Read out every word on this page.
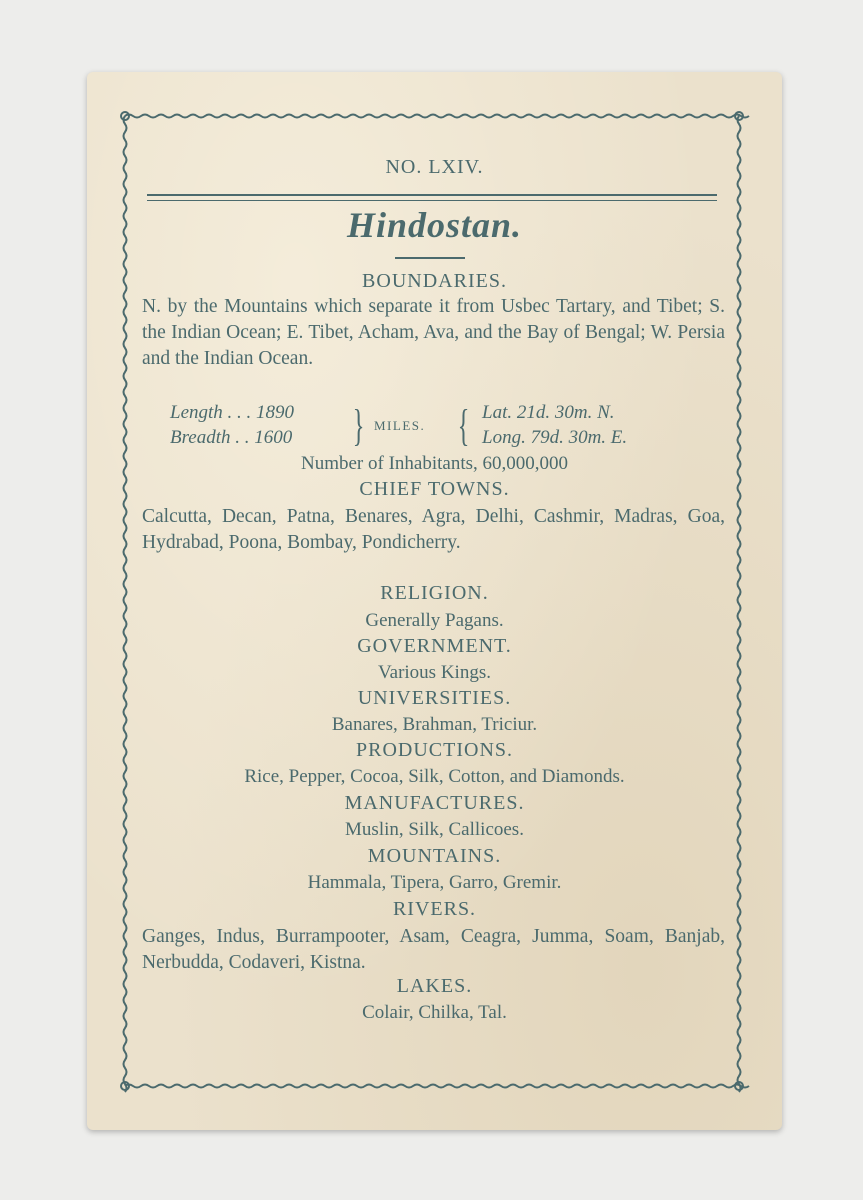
NO. LXIV.
Hindostan.
BOUNDARIES.
N. by the Mountains which separate it from Usbec Tartary, and Tibet; S. the Indian Ocean; E. Tibet, Acham, Ava, and the Bay of Bengal; W. Persia and the Indian Ocean.
Length . . . 1890
Breadth . . 1600 } MILES. { Lat. 21d. 30m. N.
Long. 79d. 30m. E.
Number of Inhabitants, 60,000,000
CHIEF TOWNS.
Calcutta, Decan, Patna, Benares, Agra, Delhi, Cashmir, Madras, Goa, Hydrabad, Poona, Bombay, Pondicherry.
RELIGION.
Generally Pagans.
GOVERNMENT.
Various Kings.
UNIVERSITIES.
Banares, Brahman, Triciur.
PRODUCTIONS.
Rice, Pepper, Cocoa, Silk, Cotton, and Diamonds.
MANUFACTURES.
Muslin, Silk, Callicoes.
MOUNTAINS.
Hammala, Tipera, Garro, Gremir.
RIVERS.
Ganges, Indus, Burrampooter, Asam, Ceagra, Jumma, Soam, Banjab, Nerbudda, Codaveri, Kistna.
LAKES.
Colair, Chilka, Tal.
